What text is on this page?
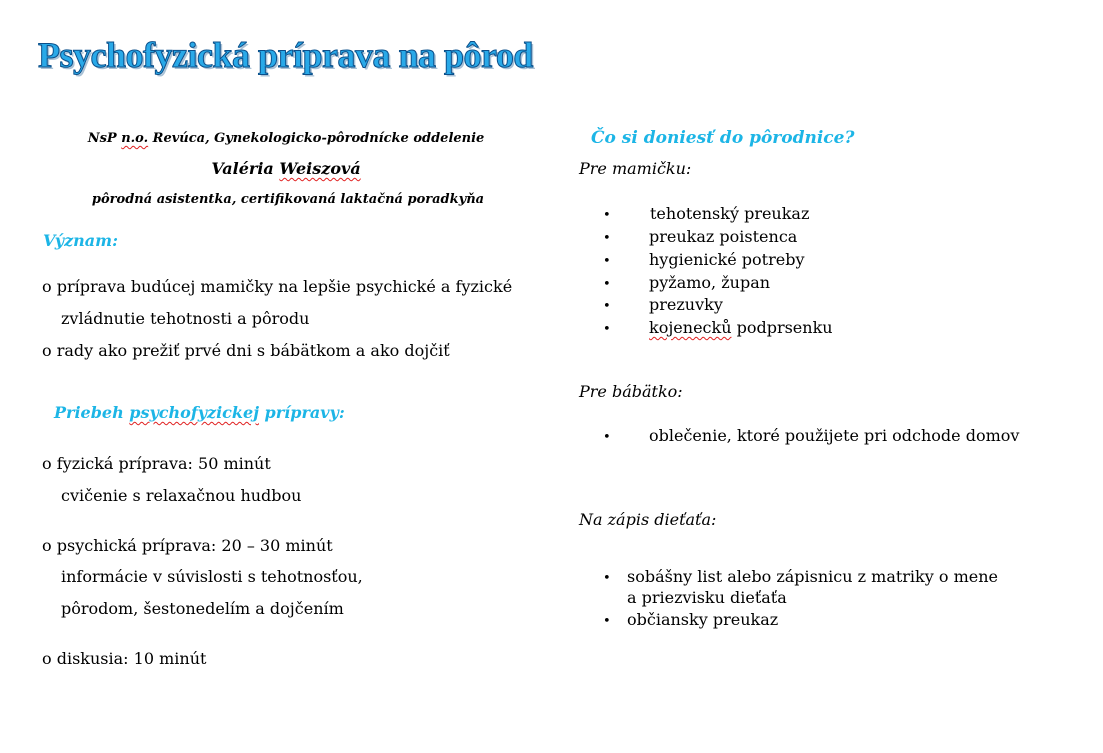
Psychofyzická príprava na pôrod
NsP n.o. Revúca, Gynekologicko-pôrodnícke oddelenie
Valéria Weiszová
pôrodná asistentka, certifikovaná laktačná poradkyňa
Význam:
o príprava budúcej mamičky na lepšie psychické a fyzické
zvládnutie tehotnosti a pôrodu
o rady ako prežiť prvé dni s bábätkom a ako dojčiť
Priebeh psychofyzickej prípravy:
o fyzická príprava: 50 minút
cvičenie s relaxačnou hudbou
o psychická príprava: 20 – 30 minút
informácie v súvislosti s tehotnosťou,
pôrodom, šestonedelím a dojčením
o diskusia: 10 minút
Čo si doniesť do pôrodnice?
Pre mamičku:
• tehotenský preukaz
• preukaz poistenca
• hygienické potreby
• pyžamo, župan
• prezuvky
• kojenecků podprsenku
Pre bábätko:
• oblečenie, ktoré použijete pri odchode domov
Na zápis dieťaťa:
• sobášny list alebo zápisnicu z matriky o mene
a priezvisku dieťaťa
• občiansky preukaz
